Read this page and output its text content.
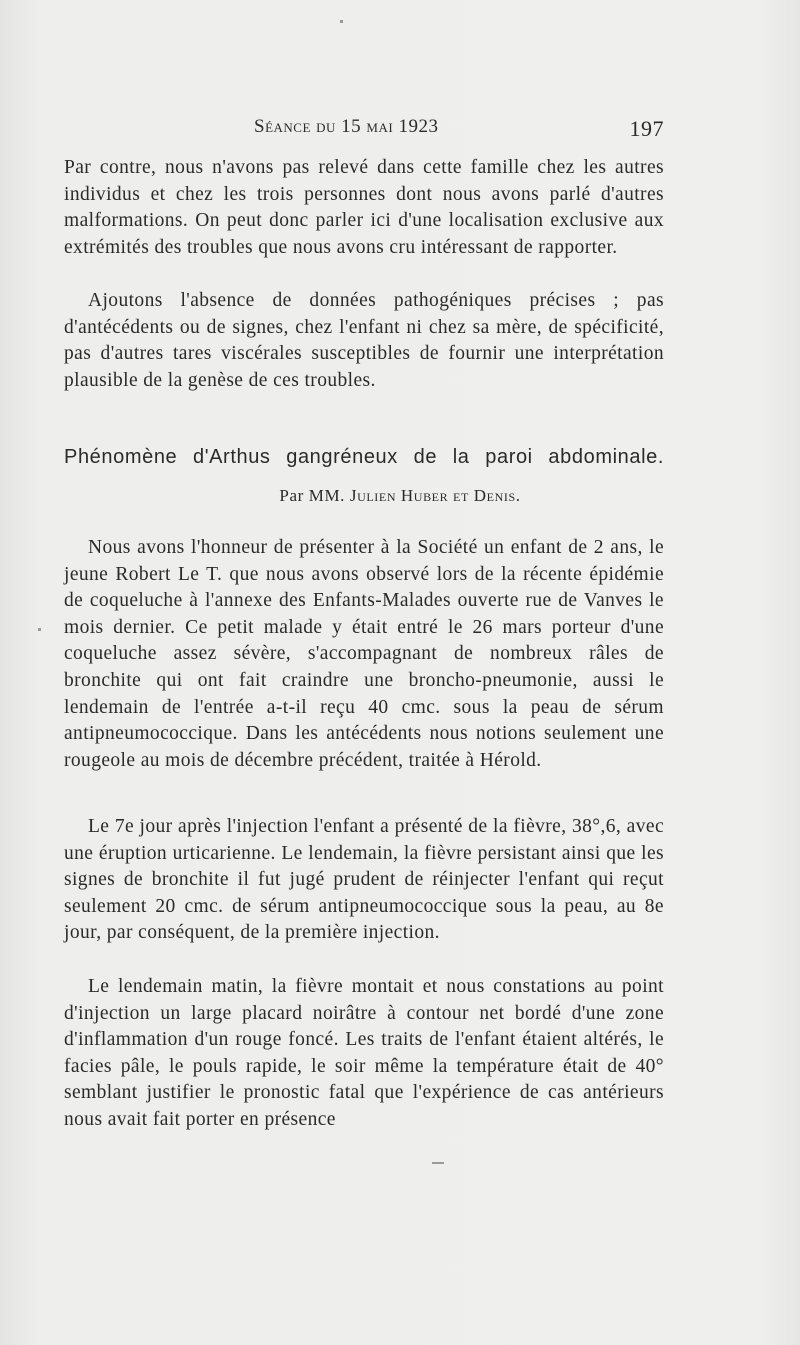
Séance du 15 mai 1923	197

Par contre, nous n'avons pas relevé dans cette famille chez les autres individus et chez les trois personnes dont nous avons parlé d'autres malformations. On peut donc parler ici d'une localisation exclusive aux extrémités des troubles que nous avons cru intéressant de rapporter.

Ajoutons l'absence de données pathogéniques précises ; pas d'antécédents ou de signes, chez l'enfant ni chez sa mère, de spécificité, pas d'autres tares viscérales susceptibles de fournir une interprétation plausible de la genèse de ces troubles.

Phénomène d'Arthus gangréneux de la paroi abdominale.
Par MM. Julien Huber et Denis.

Nous avons l'honneur de présenter à la Société un enfant de 2 ans, le jeune Robert Le T. que nous avons observé lors de la récente épidémie de coqueluche à l'annexe des Enfants-Malades ouverte rue de Vanves le mois dernier. Ce petit malade y était entré le 26 mars porteur d'une coqueluche assez sévère, s'accompagnant de nombreux râles de bronchite qui ont fait craindre une broncho-pneumonie, aussi le lendemain de l'entrée a-t-il reçu 40 cmc. sous la peau de sérum antipneumococcique. Dans les antécédents nous notions seulement une rougeole au mois de décembre précédent, traitée à Hérold.

Le 7e jour après l'injection l'enfant a présenté de la fièvre, 38°,6, avec une éruption urticarienne. Le lendemain, la fièvre persistant ainsi que les signes de bronchite il fut jugé prudent de réinjecter l'enfant qui reçut seulement 20 cmc. de sérum antipneumococcique sous la peau, au 8e jour, par conséquent, de la première injection.

Le lendemain matin, la fièvre montait et nous constations au point d'injection un large placard noirâtre à contour net bordé d'une zone d'inflammation d'un rouge foncé. Les traits de l'enfant étaient altérés, le facies pâle, le pouls rapide, le soir même la température était de 40° semblant justifier le pronostic fatal que l'expérience de cas antérieurs nous avait fait porter en présence
